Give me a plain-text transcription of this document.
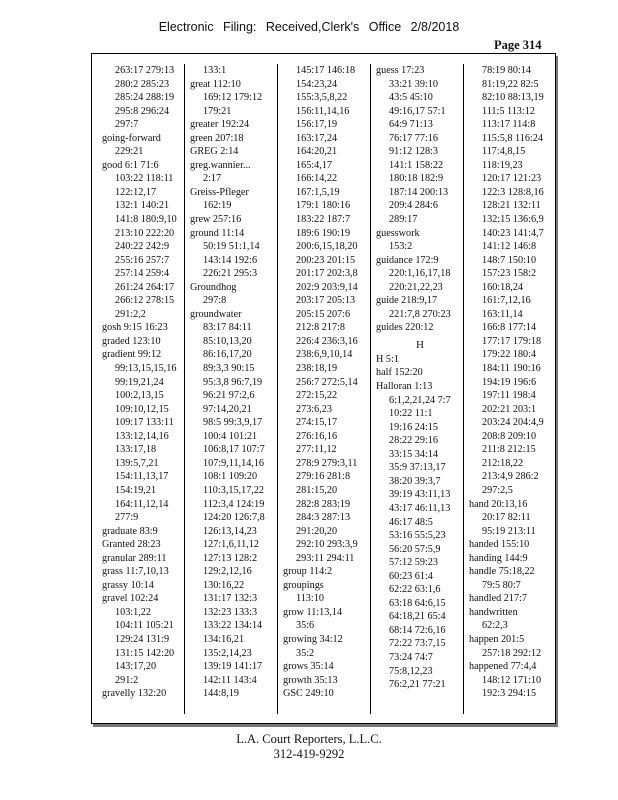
Electronic Filing: Received,Clerk's Office 2/8/2018
Page 314
263:17 279:13
280:2 285:23
285:24 288:19
295:8 296:24
297:7
going-forward
229:21
good 6:1 71:6
103:22 118:11
122:12,17
132:1 140:21
141:8 180:9,10
213:10 222:20
240:22 242:9
255:16 257:7
257:14 259:4
261:24 264:17
266:12 278:15
291:2,2
gosh 9:15 16:23
graded 123:10
gradient 99:12
99:13,15,15,16
99:19,21,24
100:2,13,15
109:10,12,15
109:17 133:11
133:12,14,16
133:17,18
139:5,7,21
154:11,13,17
154:19,21
164:11,12,14
277:9
graduate 83:9
Granted 28:23
granular 289:11
grass 11:7,10,13
grassy 10:14
gravel 102:24
103:1,22
104:11 105:21
129:24 131:9
131:15 142:20
143:17,20
291:2
gravelly 132:20
133:1
great 112:10
169:12 179:12
179:21
greater 192:24
green 207:18
GREG 2:14
greg.wannier...
2:17
Greiss-Pfleger
162:19
grew 257:16
ground 11:14
50:19 51:1,14
143:14 192:6
226:21 295:3
Groundhog
297:8
groundwater
83:17 84:11
85:10,13,20
86:16,17,20
89:3,3 90:15
95:3,8 96:7,19
96:21 97:2,6
97:14,20,21
98:5 99:3,9,17
100:4 101:21
106:8,17 107:7
107:9,11,14,16
108:1 109:20
110:3,15,17,22
112:3,4 124:19
124:20 126:7,8
126:13,14,23
127:1,6,11,12
127:13 128:2
129:2,12,16
130:16,22
131:17 132:3
132:23 133:3
133:22 134:14
134:16,21
135:2,14,23
139:19 141:17
142:11 143:4
144:8,19
145:17 146:18
154:23,24
155:3,5,8,22
156:11,14,16
156:17,19
163:17,24
164:20,21
165:4,17
166:14,22
167:1,5,19
179:1 180:16
183:22 187:7
189:6 190:19
200:6,15,18,20
200:23 201:15
201:17 202:3,8
202:9 203:9,14
203:17 205:13
205:15 207:6
212:8 217:8
226:4 236:3,16
238:6,9,10,14
238:18,19
256:7 272:5,14
272:15,22
273:6,23
274:15,17
276:16,16
277:11,12
278:9 279:3,11
279:16 281:8
281:15,20
282:8 283:19
284:3 287:13
291:20,20
292:10 293:3,9
293:11 294:11
group 114:2
groupings
113:10
grow 11:13,14
35:6
growing 34:12
35:2
grows 35:14
growth 35:13
GSC 249:10
guess 17:23
33:21 39:10
43:5 45:10
49:16,17 57:1
64:9 71:13
76:17 77:16
91:12 128:3
141:1 158:22
180:18 182:9
187:14 200:13
209:4 284:6
289:17
guesswork
153:2
guidance 172:9
220:1,16,17,18
220:21,22,23
guide 218:9,17
221:7,8 270:23
guides 220:12
H
H 5:1
half 152:20
Halloran 1:13
6:1,2,21,24 7:7
10:22 11:1
19:16 24:15
28:22 29:16
33:15 34:14
35:9 37:13,17
38:20 39:3,7
39:19 43:11,13
43:17 46:11,13
46:17 48:5
53:16 55:5,23
56:20 57:5,9
57:12 59:23
60:23 61:4
62:22 63:1,6
63:18 64:6,15
64:18,21 65:4
68:14 72:6,16
72:22 73:7,15
73:24 74:7
75:8,12,23
76:2,21 77:21
78:19 80:14
81:19,22 82:5
82:10 88:13,19
111:5 113:12
113:17 114:8
115:5,8 116:24
117:4,8,15
118:19,23
120:17 121:23
122:3 128:8,16
128:21 132:11
132:15 136:6,9
140:23 141:4,7
141:12 146:8
148:7 150:10
157:23 158:2
160:18,24
161:7,12,16
163:11,14
166:8 177:14
177:17 179:18
179:22 180:4
184:11 190:16
194:19 196:6
197:11 198:4
202:21 203:1
203:24 204:4,9
208:8 209:10
211:8 212:15
212:18,22
213:4,9 286:2
297:2,5
hand 20:13,16
20:17 82:11
95:19 213:11
handed 155:10
handing 144:9
handle 75:18,22
79:5 80:7
handled 217:7
handwritten
62:2,3
happen 201:5
257:18 292:12
happened 77:4,4
148:12 171:10
192:3 294:15
L.A. Court Reporters, L.L.C.
312-419-9292
